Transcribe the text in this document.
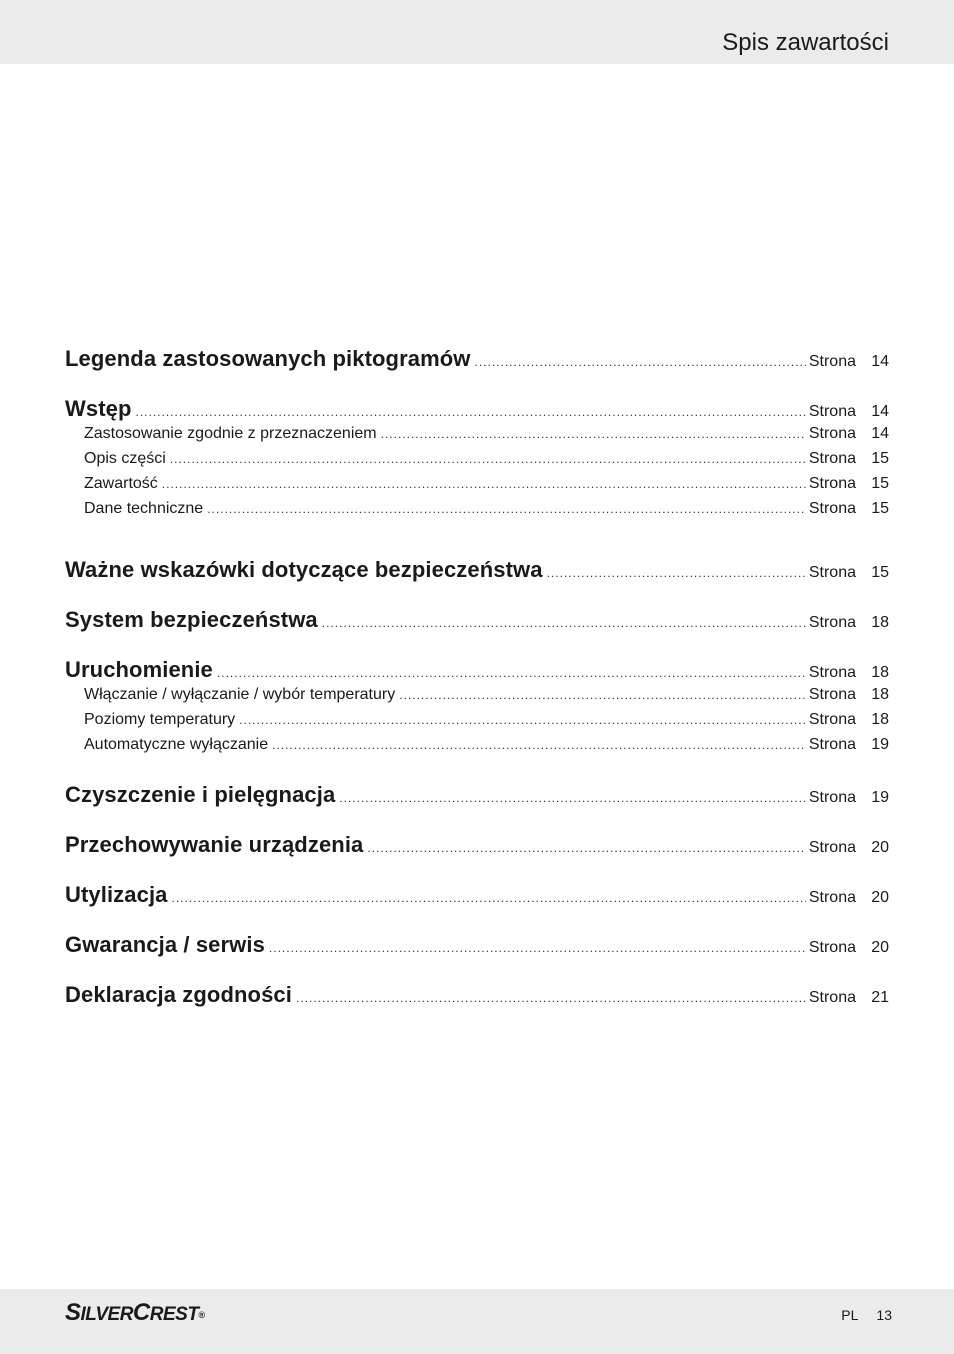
Spis zawartości
Legenda zastosowanych piktogramów .....	Strona 14
Wstęp .....	Strona 14
Zastosowanie zgodnie z przeznaczeniem .....	Strona 14
Opis części .....	Strona 15
Zawartość .....	Strona 15
Dane techniczne .....	Strona 15
Ważne wskazówki dotyczące bezpieczeństwa .....	Strona 15
System bezpieczeństwa .....	Strona 18
Uruchomienie .....	Strona 18
Włączanie / wyłączanie / wybór temperatury .....	Strona 18
Poziomy temperatury .....	Strona 18
Automatyczne wyłączanie .....	Strona 19
Czyszczenie i pielęgnacja .....	Strona 19
Przechowywanie urządzenia .....	Strona 20
Utylizacja .....	Strona 20
Gwarancja / serwis .....	Strona 20
Deklaracja zgodności .....	Strona 21
SILVERCREST®	PL 13
